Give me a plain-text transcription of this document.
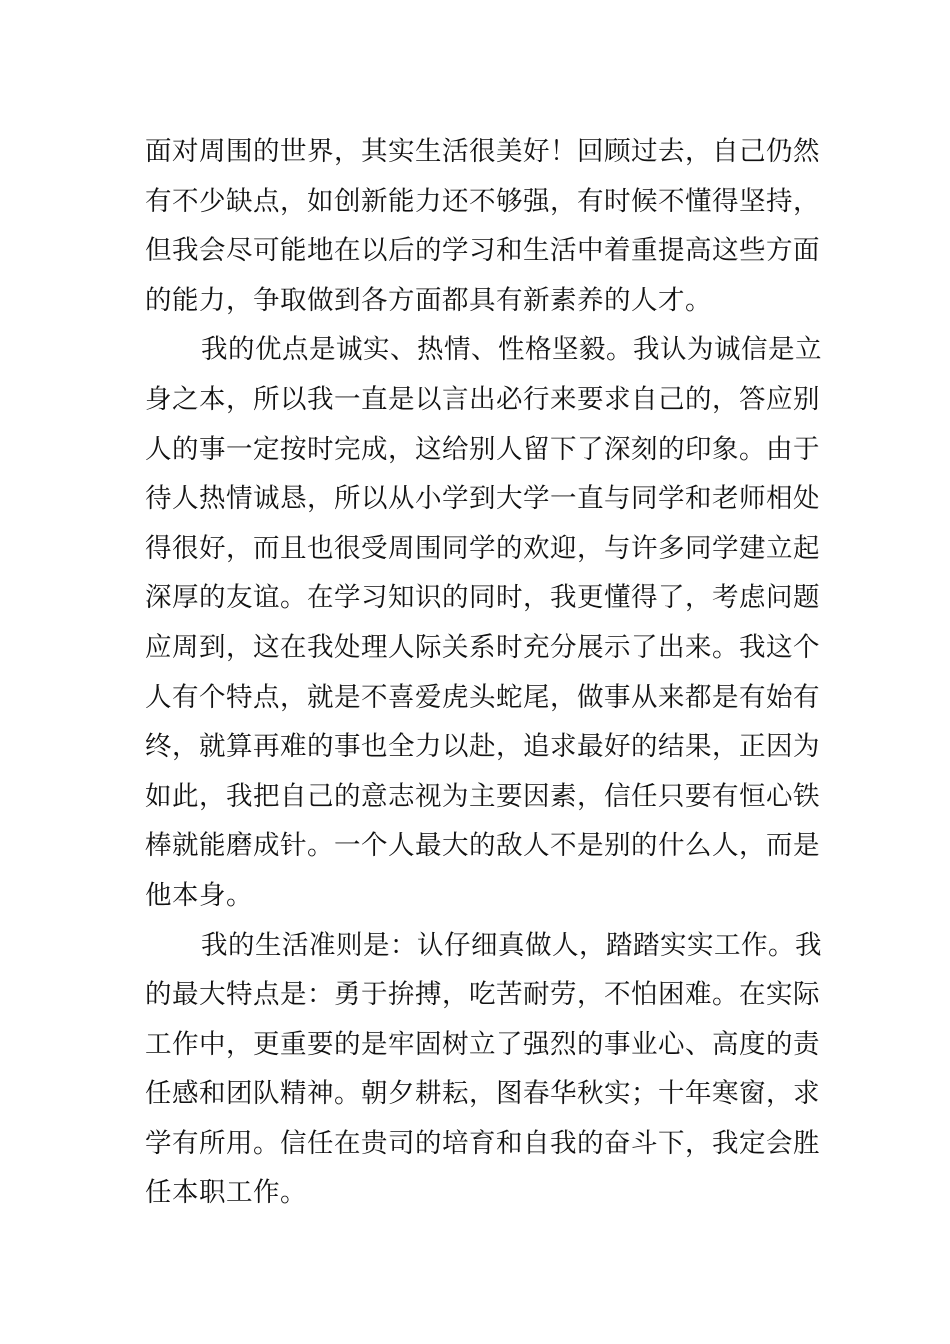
面对周围的世界，其实生活很美好！回顾过去，自己仍然
有不少缺点，如创新能力还不够强，有时候不懂得坚持，
但我会尽可能地在以后的学习和生活中着重提高这些方面
的能力，争取做到各方面都具有新素养的人才。
我的优点是诚实、热情、性格坚毅。我认为诚信是立
身之本，所以我一直是以言出必行来要求自己的，答应别
人的事一定按时完成，这给别人留下了深刻的印象。由于
待人热情诚恳，所以从小学到大学一直与同学和老师相处
得很好，而且也很受周围同学的欢迎，与许多同学建立起
深厚的友谊。在学习知识的同时，我更懂得了，考虑问题
应周到，这在我处理人际关系时充分展示了出来。我这个
人有个特点，就是不喜爱虎头蛇尾，做事从来都是有始有
终，就算再难的事也全力以赴，追求最好的结果，正因为
如此，我把自己的意志视为主要因素，信任只要有恒心铁
棒就能磨成针。一个人最大的敌人不是别的什么人，而是
他本身。
我的生活准则是：认仔细真做人，踏踏实实工作。我
的最大特点是：勇于拚搏，吃苦耐劳，不怕困难。在实际
工作中，更重要的是牢固树立了强烈的事业心、高度的责
任感和团队精神。朝夕耕耘，图春华秋实；十年寒窗，求
学有所用。信任在贵司的培育和自我的奋斗下，我定会胜
任本职工作。
